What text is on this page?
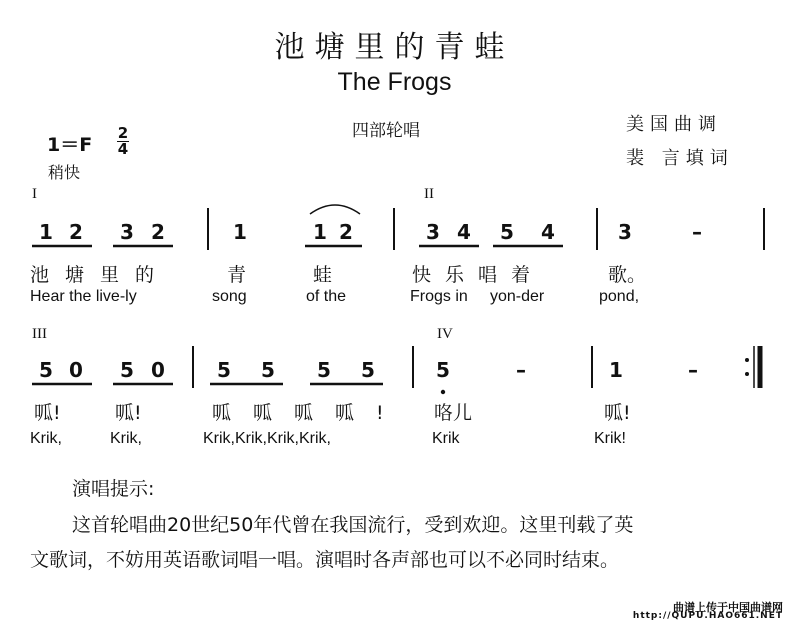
池塘里的青蛙
The Frogs
四部轮唱	美国曲调
裴 言填词
1＝F
2
4
稍快
I	II
1 2	3 2	1	1 2	3 4	5	4	3	–
池塘里的	青	蛙	快乐唱着	歌。
Hear the live-ly	song	of the	Frogs in yon-der	pond,
III	IV
5 0	5 0	5	5	5	5	5	–	1	–
呱!	呱!	呱呱呱呱! 咯儿	呱!
Krik,	Krik,	Krik,Krik,Krik,Krik,	Krik	Krik!
演唱提示:
这首轮唱曲20世纪50年代曾在我国流行，受到欢迎。这里刊载了英
文歌词，不妨用英语歌词唱一唱。演唱时各声部也可以不必同时结束。
曲谱上传于中国曲谱网
http://QUPU.HAO661.NET
